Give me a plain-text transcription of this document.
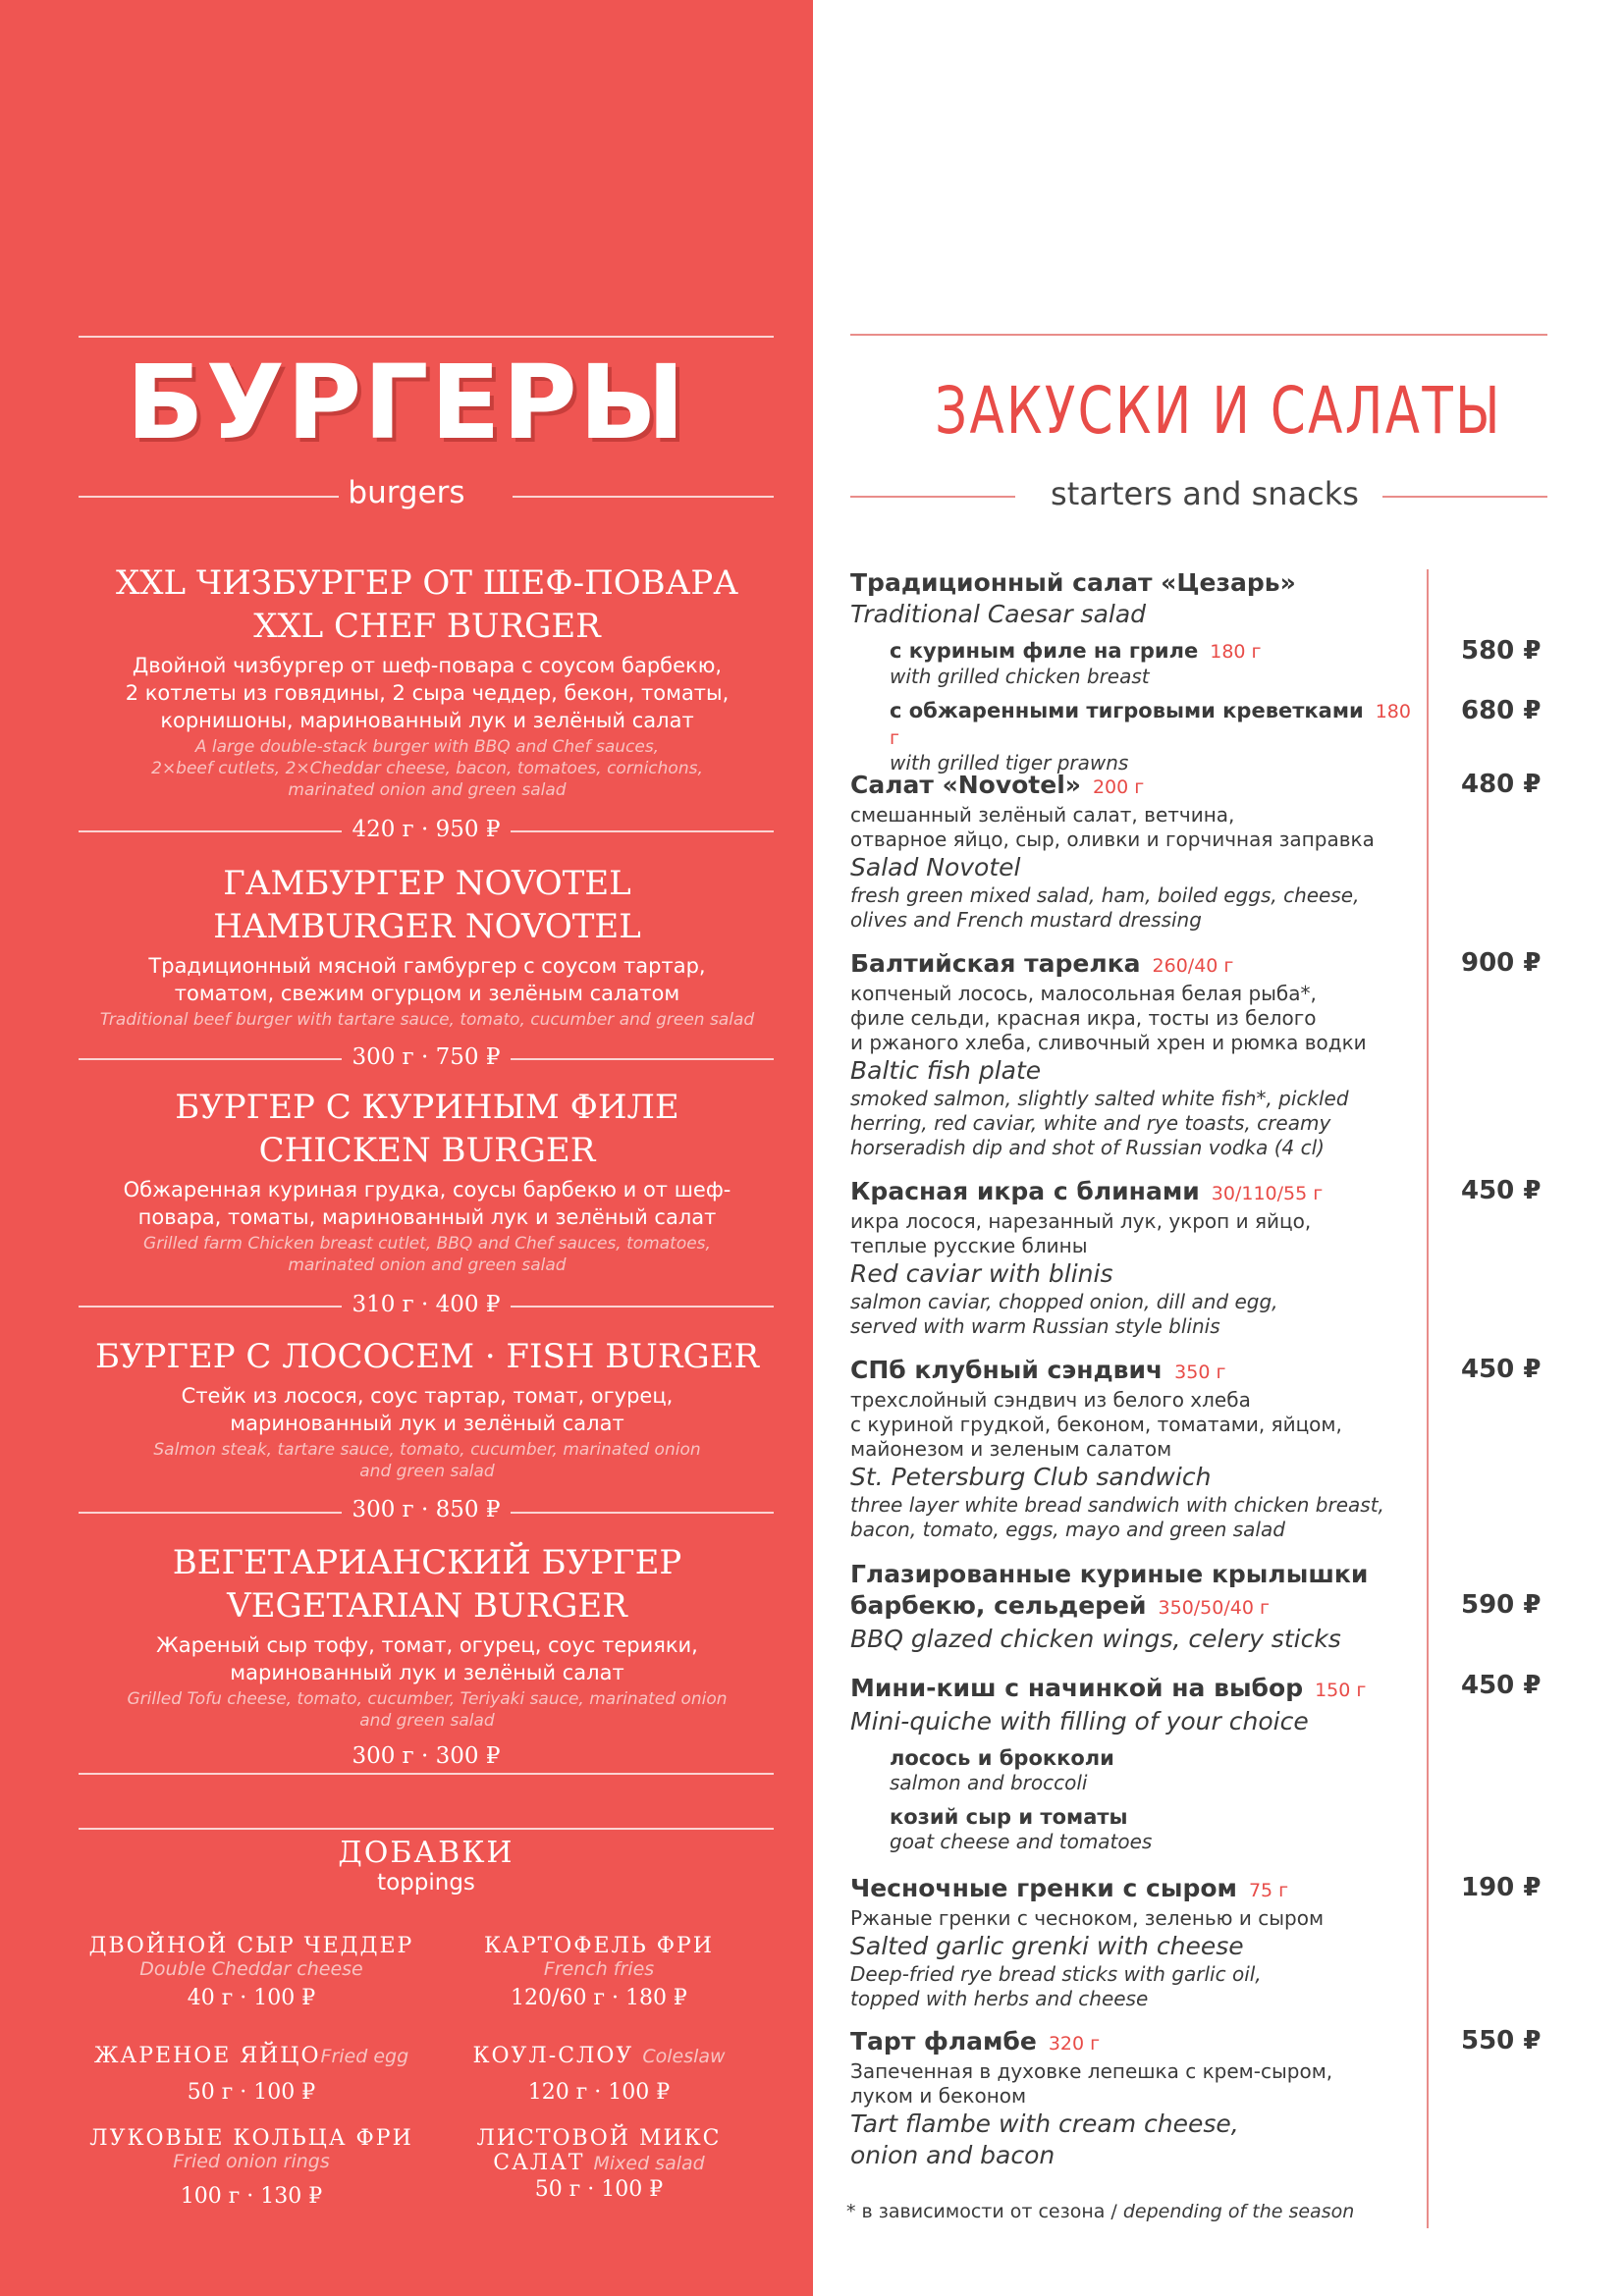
БУРГЕРЫ
burgers
XXL ЧИЗБУРГЕР ОТ ШЕФ-ПОВАРА
XXL CHEF BURGER
Двойной чизбургер от шеф-повара с соусом барбекю,
2 котлеты из говядины, 2 сыра чеддер, бекон, томаты,
корнишоны, маринованный лук и зелёный салат
A large double-stack burger with BBQ and Chef sauces,
2×beef cutlets, 2×Cheddar cheese, bacon, tomatoes, cornichons,
marinated onion and green salad
420 г · 950 ₽
ГАМБУРГЕР NOVOTEL
HAMBURGER NOVOTEL
Традиционный мясной гамбургер с соусом тартар,
томатом, свежим огурцом и зелёным салатом
Traditional beef burger with tartare sauce, tomato, cucumber and green salad
300 г · 750 ₽
БУРГЕР С КУРИНЫМ ФИЛЕ
CHICKEN BURGER
Обжаренная куриная грудка, соусы барбекю и от шеф-
повара, томаты, маринованный лук и зелёный салат
Grilled farm Chicken breast cutlet, BBQ and Chef sauces, tomatoes,
marinated onion and green salad
310 г · 400 ₽
БУРГЕР С ЛОСОСЕМ · FISH BURGER
Стейк из лосося, соус тартар, томат, огурец,
маринованный лук и зелёный салат
Salmon steak, tartare sauce, tomato, cucumber, marinated onion
and green salad
300 г · 850 ₽
ВЕГЕТАРИАНСКИЙ БУРГЕР
VEGETARIAN BURGER
Жареный сыр тофу, томат, огурец, соус терияки,
маринованный лук и зелёный салат
Grilled Tofu cheese, tomato, cucumber, Teriyaki sauce, marinated onion
and green salad
300 г · 300 ₽
ДОБАВКИ
toppings
ДВОЙНОЙ СЫР ЧЕДДЕР
Double Cheddar cheese
40 г · 100 ₽
КАРТОФЕЛЬ ФРИ
French fries
120/60 г · 180 ₽
ЖАРЕНОЕ ЯЙЦОFried egg
50 г · 100 ₽
КОУЛ-СЛОУ Coleslaw
120 г · 100 ₽
ЛУКОВЫЕ КОЛЬЦА ФРИ
Fried onion rings
100 г · 130 ₽
ЛИСТОВОЙ МИКС
САЛАТ Mixed salad
50 г · 100 ₽
ЗАКУСКИ И САЛАТЫ
starters and snacks
Традиционный салат «Цезарь»
Traditional Caesar salad
с куриным филе на гриле 180 г
with grilled chicken breast
с обжаренными тигровыми креветками 180 г
with grilled tiger prawns
580 ₽
680 ₽
Салат «Novotel» 200 г
смешанный зелёный салат, ветчина,
отварное яйцо, сыр, оливки и горчичная заправка
Salad Novotel
fresh green mixed salad, ham, boiled eggs, cheese,
olives and French mustard dressing
480 ₽
Балтийская тарелка 260/40 г
копченый лосось, малосольная белая рыба*,
филе сельди, красная икра, тосты из белого
и ржаного хлеба, сливочный хрен и рюмка водки
Baltic fish plate
smoked salmon, slightly salted white fish*, pickled
herring, red caviar, white and rye toasts, creamy
horseradish dip and shot of Russian vodka (4 cl)
900 ₽
Красная икра с блинами 30/110/55 г
икра лосося, нарезанный лук, укроп и яйцо,
теплые русские блины
Red caviar with blinis
salmon caviar, chopped onion, dill and egg,
served with warm Russian style blinis
450 ₽
СПб клубный сэндвич 350 г
трехслойный сэндвич из белого хлеба
с куриной грудкой, беконом, томатами, яйцом,
майонезом и зеленым салатом
St. Petersburg Club sandwich
three layer white bread sandwich with chicken breast,
bacon, tomato, eggs, mayo and green salad
450 ₽
Глазированные куриные крылышки
барбекю, сельдерей 350/50/40 г
BBQ glazed chicken wings, celery sticks
590 ₽
Мини-киш с начинкой на выбор 150 г
Mini-quiche with filling of your choice
лосось и брокколи
salmon and broccoli
козий сыр и томаты
goat cheese and tomatoes
450 ₽
Чесночные гренки с сыром 75 г
Ржаные гренки с чесноком, зеленью и сыром
Salted garlic grenki with cheese
Deep-fried rye bread sticks with garlic oil,
topped with herbs and cheese
190 ₽
Тарт фламбе 320 г
Запеченная в духовке лепешка с крем-сыром,
луком и беконом
Tart flambe with cream cheese,
onion and bacon
550 ₽
* в зависимости от сезона / depending of the season
